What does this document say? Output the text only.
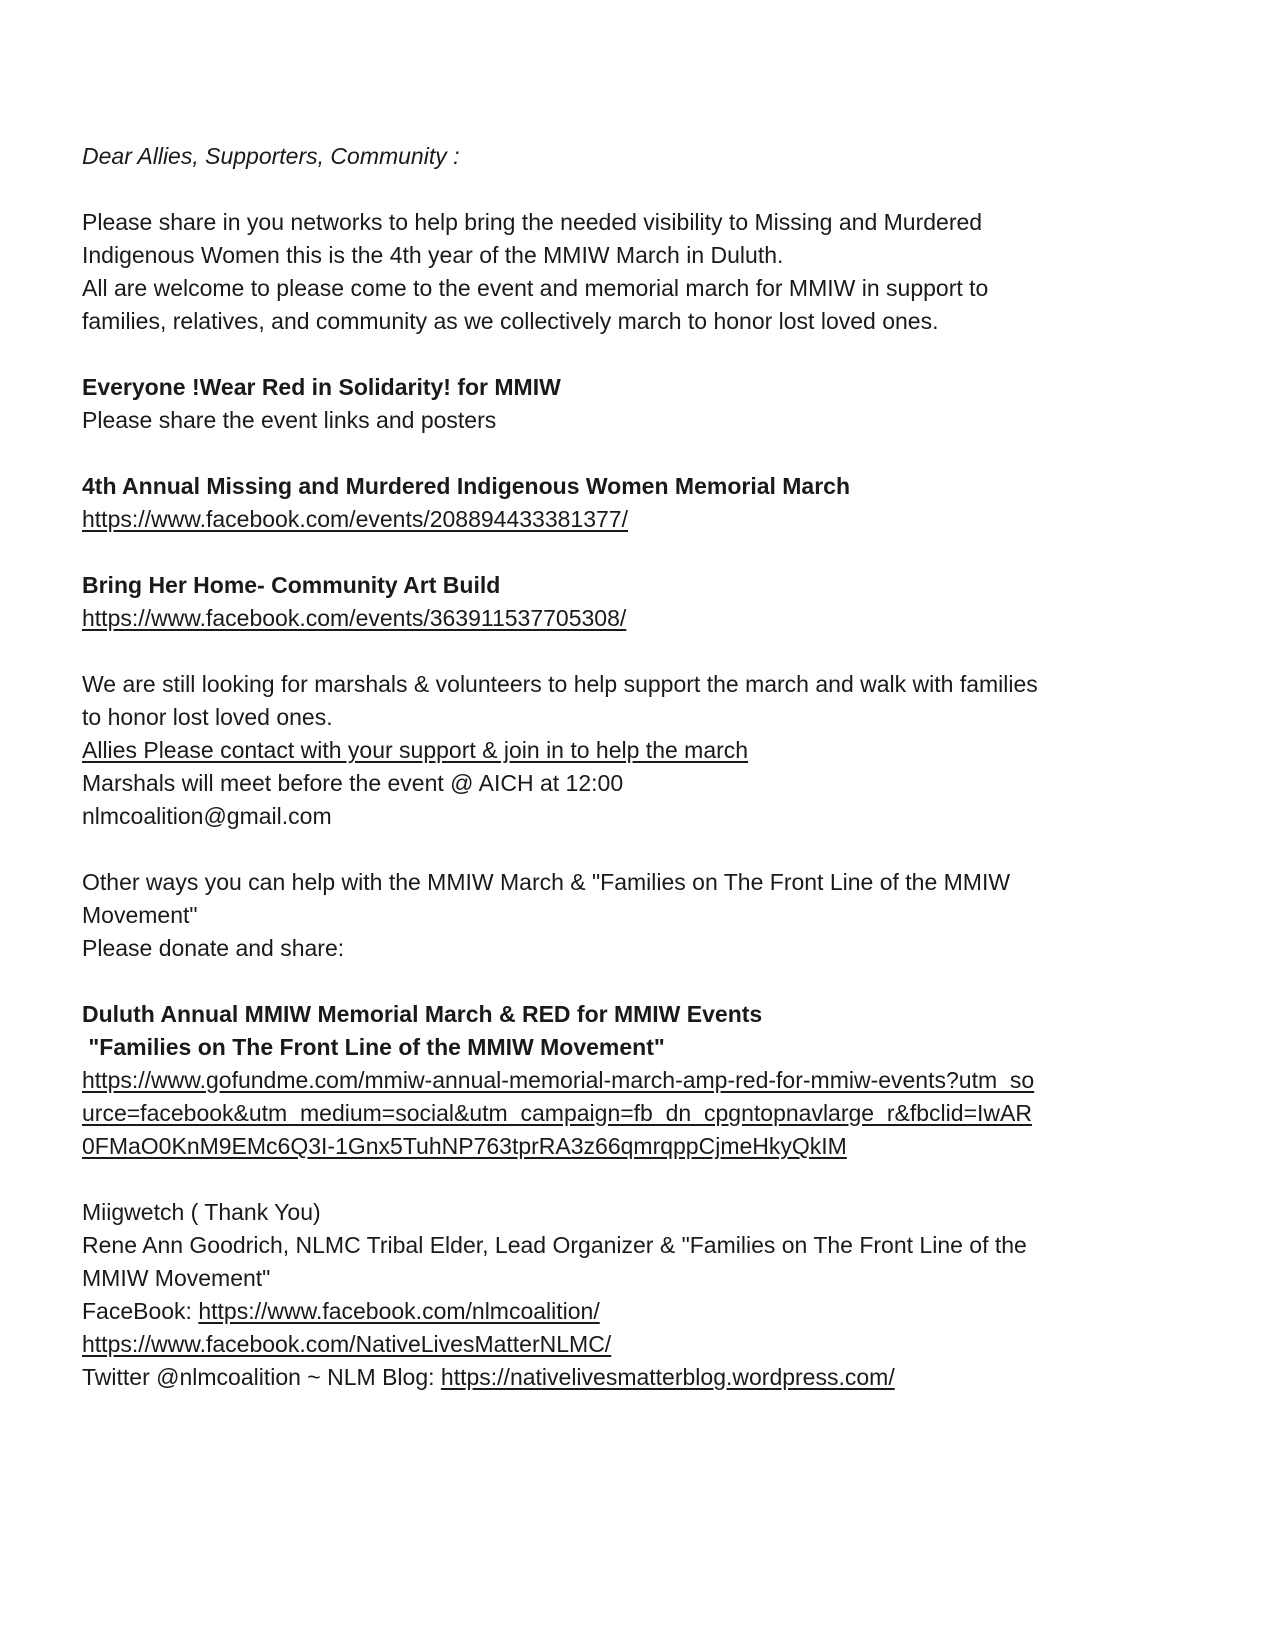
Dear Allies, Supporters, Community :
Please share in you networks to help bring the needed visibility to Missing and Murdered
Indigenous Women this is the 4th year of the MMIW March in Duluth.
All are welcome to please come to the event and memorial march for MMIW in support to
families, relatives, and community as we collectively march to honor lost loved ones.
Everyone !Wear Red in Solidarity! for MMIW
Please share the event links and posters
4th Annual Missing and Murdered Indigenous Women Memorial March
https://www.facebook.com/events/208894433381377/
Bring Her Home- Community Art Build
https://www.facebook.com/events/363911537705308/
We are still looking for marshals & volunteers to help support the march and walk with families
to honor lost loved ones.
Allies Please contact with your support & join in to help the march
Marshals will meet before the event @ AICH at 12:00
nlmcoalition@gmail.com
Other ways you can help with the MMIW March & "Families on The Front Line of the MMIW
Movement"
Please donate and share:
Duluth Annual MMIW Memorial March & RED for MMIW Events
"Families on The Front Line of the MMIW Movement"
https://www.gofundme.com/mmiw-annual-memorial-march-amp-red-for-mmiw-events?utm_so
urce=facebook&utm_medium=social&utm_campaign=fb_dn_cpgntopnavlarge_r&fbclid=IwAR
0FMaO0KnM9EMc6Q3I-1Gnx5TuhNP763tprRA3z66qmrqppCjmeHkyQkIM
Miigwetch ( Thank You)
Rene Ann Goodrich, NLMC Tribal Elder, Lead Organizer & "Families on The Front Line of the
MMIW Movement"
FaceBook: https://www.facebook.com/nlmcoalition/
https://www.facebook.com/NativeLivesMatterNLMC/
Twitter @nlmcoalition ~ NLM Blog: https://nativelivesmatterblog.wordpress.com/
